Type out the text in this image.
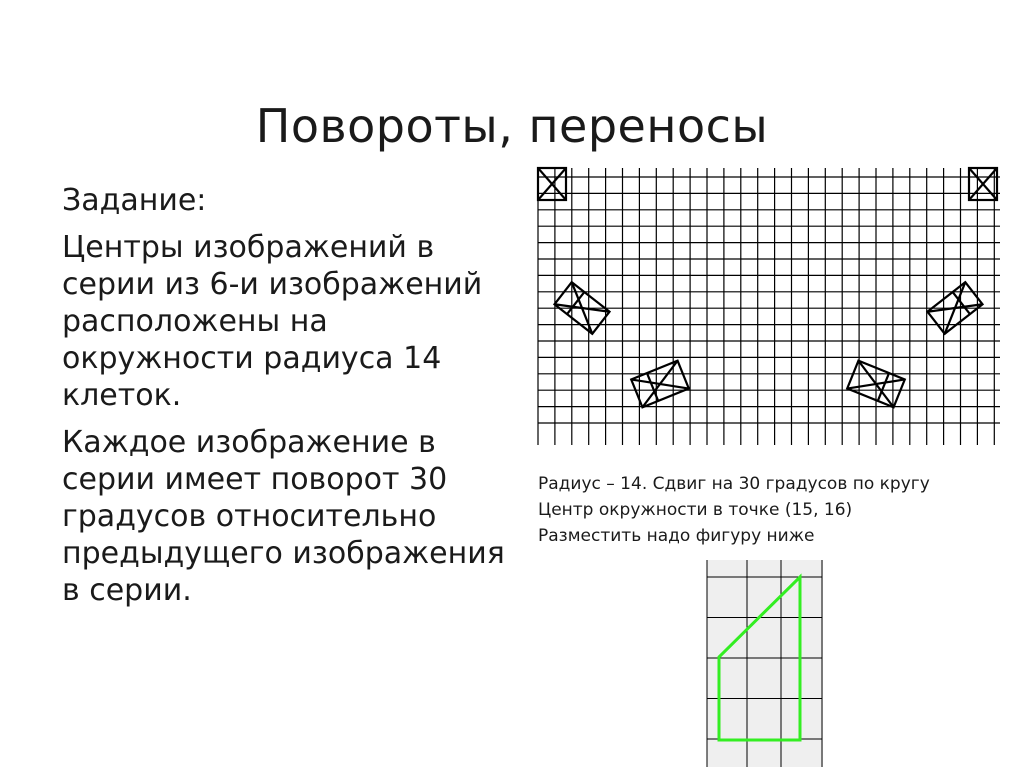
Повороты, переносы

Задание:

Центры изображений в серии из 6-и изображений расположены на окружности радиуса 14 клеток.

Каждое изображение в серии имеет поворот 30 градусов относительно предыдущего изображения в серии.

Радиус – 14. Сдвиг на 30 градусов по кругу
Центр окружности в точке (15, 16)
Разместить надо фигуру ниже
